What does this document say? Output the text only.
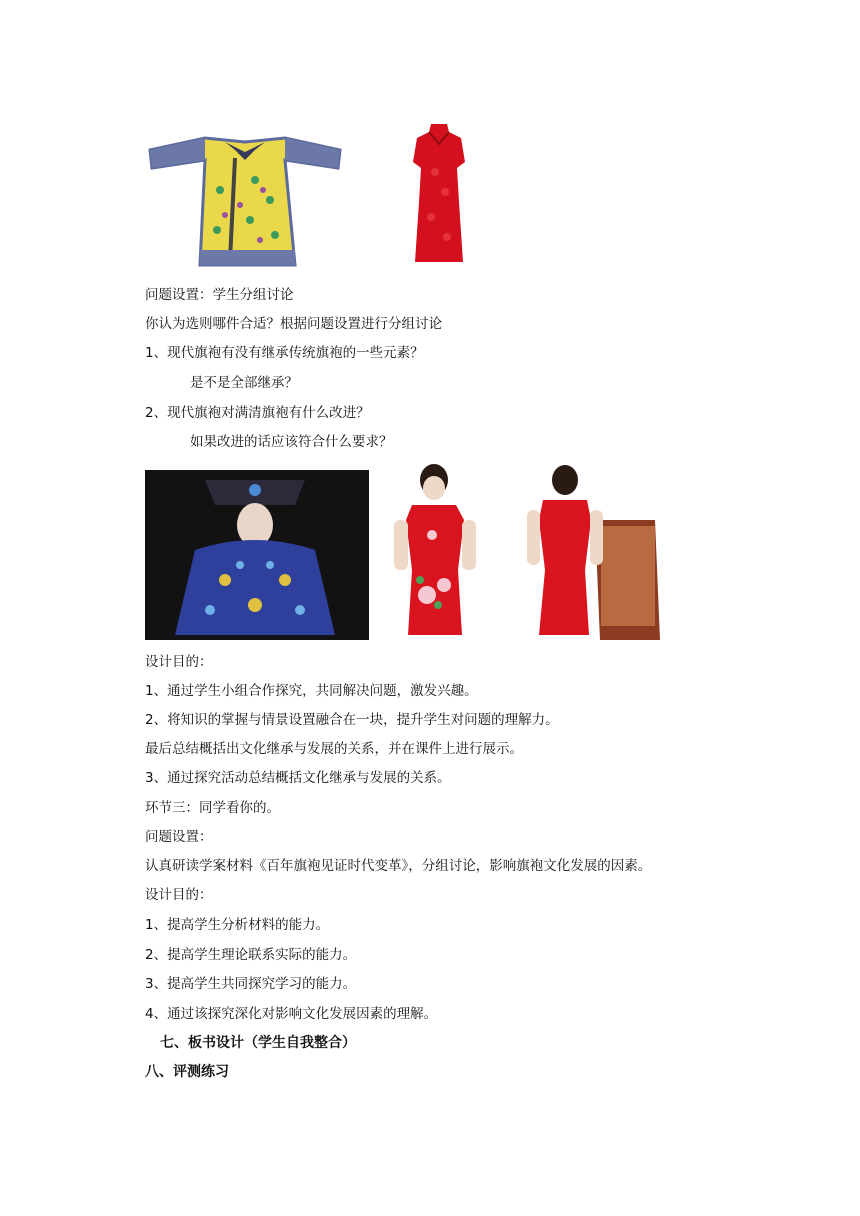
问题设置：学生分组讨论
你认为选则哪件合适？根据问题设置进行分组讨论
1、现代旗袍有没有继承传统旗袍的一些元素？
是不是全部继承？
2、现代旗袍对满清旗袍有什么改进？
如果改进的话应该符合什么要求？
设计目的：
1、通过学生小组合作探究，共同解决问题，激发兴趣。
2、将知识的掌握与情景设置融合在一块，提升学生对问题的理解力。
最后总结概括出文化继承与发展的关系，并在课件上进行展示。
3、通过探究活动总结概括文化继承与发展的关系。
环节三：同学看你的。
问题设置：
认真研读学案材料《百年旗袍见证时代变革》，分组讨论，影响旗袍文化发展的因素。
设计目的：
1、提高学生分析材料的能力。
2、提高学生理论联系实际的能力。
3、提高学生共同探究学习的能力。
4、通过该探究深化对影响文化发展因素的理解。
七、板书设计（学生自我整合）
八、评测练习
